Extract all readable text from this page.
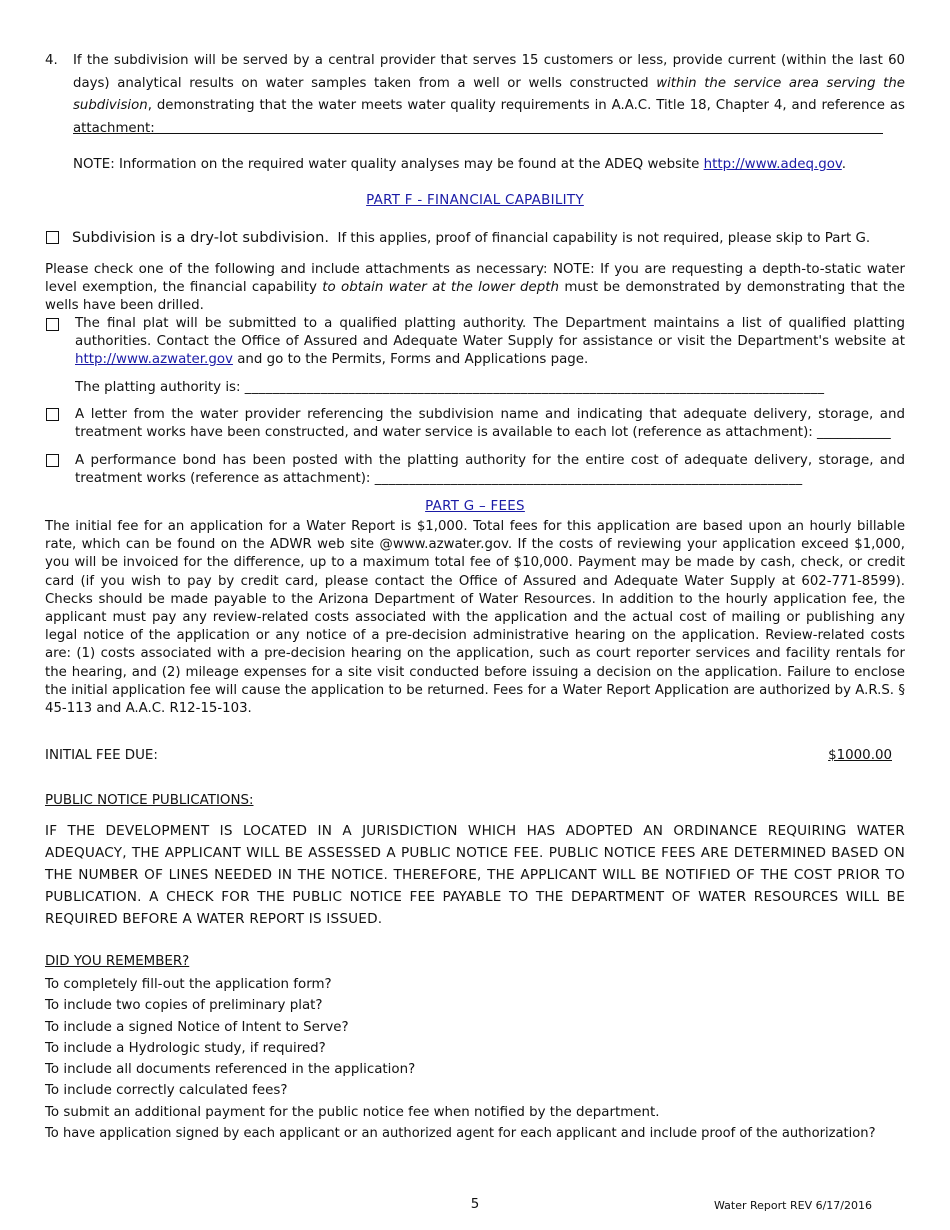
4. If the subdivision will be served by a central provider that serves 15 customers or less, provide current (within the last 60 days) analytical results on water samples taken from a well or wells constructed within the service area serving the subdivision, demonstrating that the water meets water quality requirements in A.A.C. Title 18, Chapter 4, and reference as attachment:
NOTE: Information on the required water quality analyses may be found at the ADEQ website http://www.adeq.gov.
PART F - FINANCIAL CAPABILITY
Subdivision is a dry-lot subdivision.  If this applies, proof of financial capability is not required, please skip to Part G.
Please check one of the following and include attachments as necessary: NOTE: If you are requesting a depth-to-static water level exemption, the financial capability to obtain water at the lower depth must be demonstrated by demonstrating that the wells have been drilled.
The final plat will be submitted to a qualified platting authority. The Department maintains a list of qualified platting authorities. Contact the Office of Assured and Adequate Water Supply for assistance or visit the Department's website at http://www.azwater.gov and go to the Permits, Forms and Applications page.
The platting authority is: ____________________________________________________________________________________
A letter from the water provider referencing the subdivision name and indicating that adequate delivery, storage, and treatment works have been constructed, and water service is available to each lot (reference as attachment): ___________
A performance bond has been posted with the platting authority for the entire cost of adequate delivery, storage, and treatment works (reference as attachment): ______________________________________________________________
PART G – FEES
The initial fee for an application for a Water Report is $1,000. Total fees for this application are based upon an hourly billable rate, which can be found on the ADWR web site @www.azwater.gov. If the costs of reviewing your application exceed $1,000, you will be invoiced for the difference, up to a maximum total fee of $10,000. Payment may be made by cash, check, or credit card (if you wish to pay by credit card, please contact the Office of Assured and Adequate Water Supply at 602-771-8599). Checks should be made payable to the Arizona Department of Water Resources. In addition to the hourly application fee, the applicant must pay any review-related costs associated with the application and the actual cost of mailing or publishing any legal notice of the application or any notice of a pre-decision administrative hearing on the application. Review-related costs are: (1) costs associated with a pre-decision hearing on the application, such as court reporter services and facility rentals for the hearing, and (2) mileage expenses for a site visit conducted before issuing a decision on the application. Failure to enclose the initial application fee will cause the application to be returned. Fees for a Water Report Application are authorized by A.R.S. § 45-113 and A.A.C. R12-15-103.
INITIAL FEE DUE:	$1000.00
PUBLIC NOTICE PUBLICATIONS:
IF THE DEVELOPMENT IS LOCATED IN A JURISDICTION WHICH HAS ADOPTED AN ORDINANCE REQUIRING WATER ADEQUACY, THE APPLICANT WILL BE ASSESSED A PUBLIC NOTICE FEE. PUBLIC NOTICE FEES ARE DETERMINED BASED ON THE NUMBER OF LINES NEEDED IN THE NOTICE. THEREFORE, THE APPLICANT WILL BE NOTIFIED OF THE COST PRIOR TO PUBLICATION. A CHECK FOR THE PUBLIC NOTICE FEE PAYABLE TO THE DEPARTMENT OF WATER RESOURCES WILL BE REQUIRED BEFORE A WATER REPORT IS ISSUED.
DID YOU REMEMBER?
To completely fill-out the application form?
To include two copies of preliminary plat?
To include a signed Notice of Intent to Serve?
To include a Hydrologic study, if required?
To include all documents referenced in the application?
To include correctly calculated fees?
To submit an additional payment for the public notice fee when notified by the department.
To have application signed by each applicant or an authorized agent for each applicant and include proof of the authorization?
5	Water Report REV 6/17/2016
